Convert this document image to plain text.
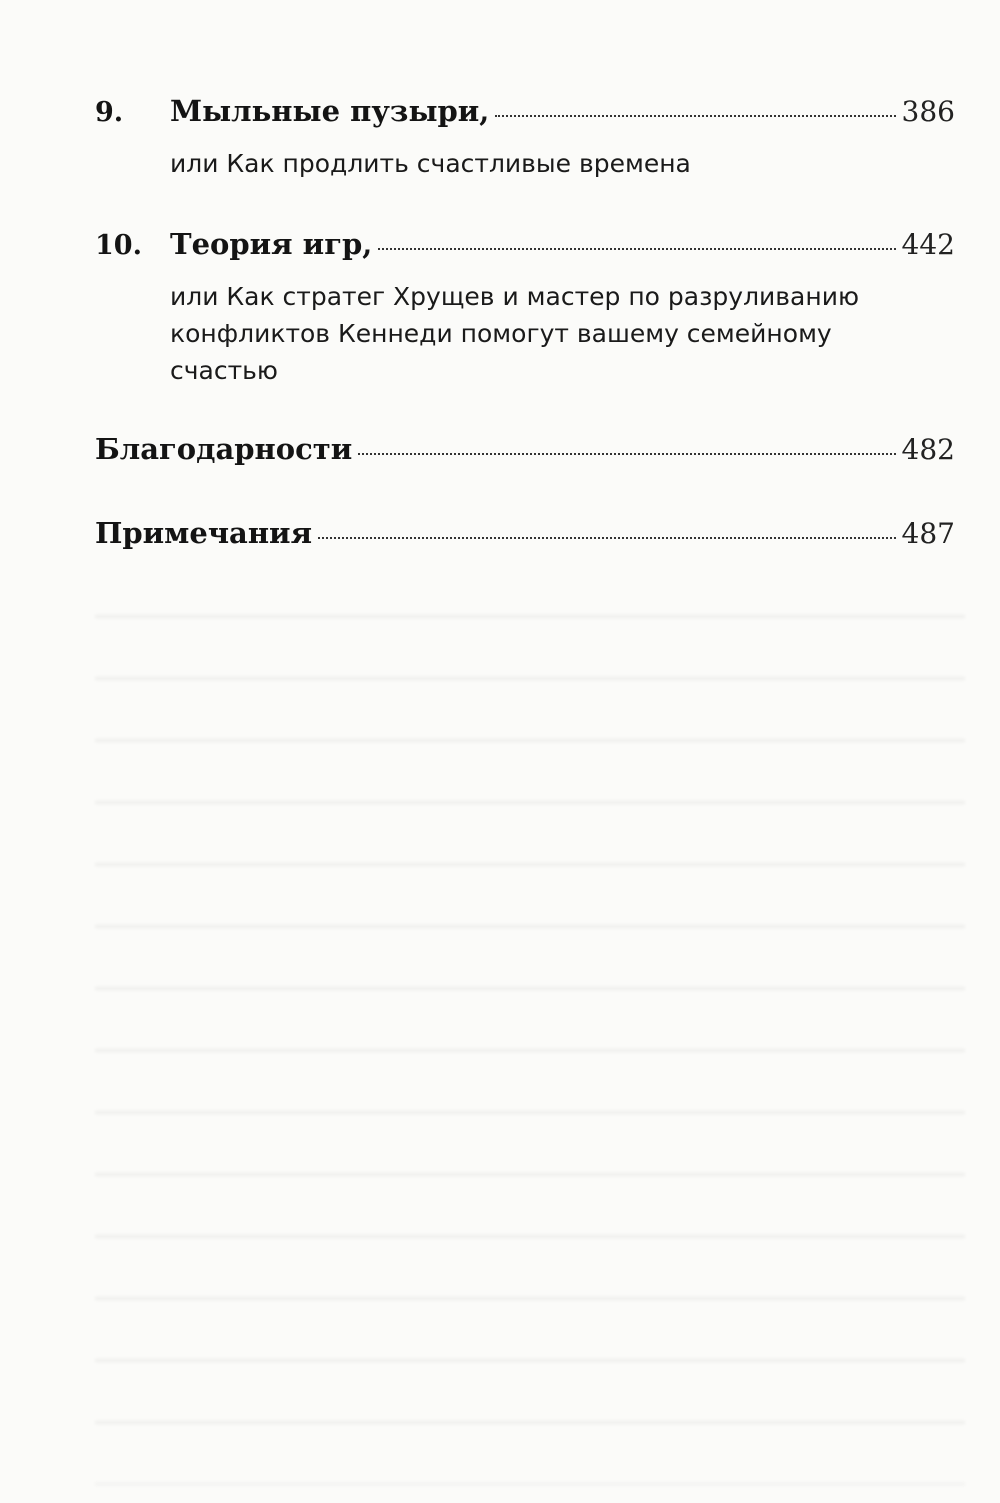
9.	Мыльные пузыри,	386
или Как продлить счастливые времена
10. Теория игр,	442
или Как стратег Хрущев и мастер по разруливанию
конфликтов Кеннеди помогут вашему семейному
счастью
Благодарности	482
Примечания	487
